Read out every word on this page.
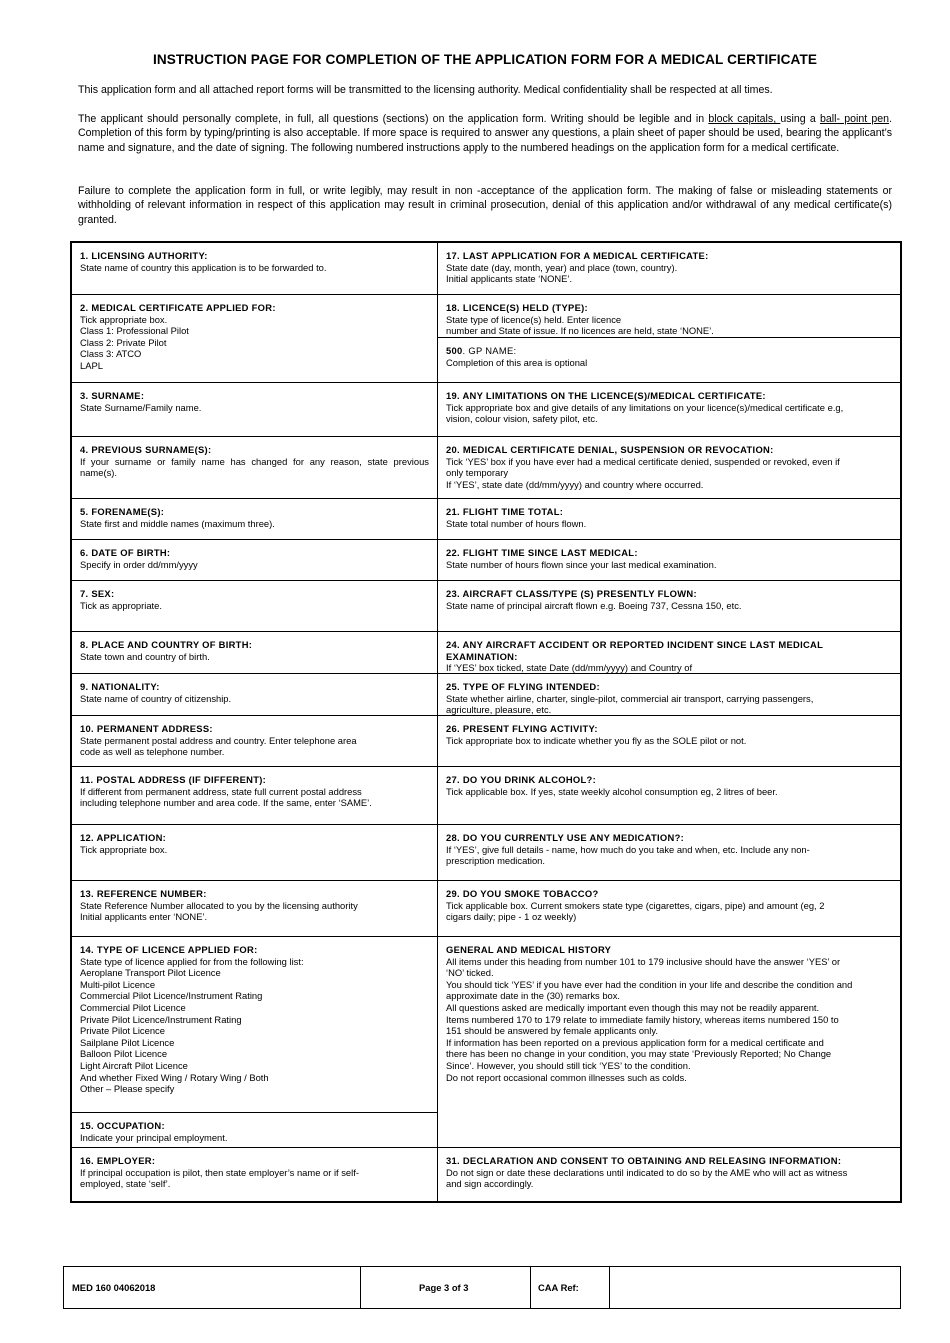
INSTRUCTION PAGE FOR COMPLETION OF THE APPLICATION FORM FOR A MEDICAL CERTIFICATE

This application form and all attached report forms will be transmitted to the licensing authority. Medical confidentiality shall be respected at all times.

The applicant should personally complete, in full, all questions (sections) on the application form. Writing should be legible and in block capitals, using a ball- point pen. Completion of this form by typing/printing is also acceptable. If more space is required to answer any questions, a plain sheet of paper should be used, bearing the applicant’s name and signature, and the date of signing. The following numbered instructions apply to the numbered headings on the application form for a medical certificate.

Failure to complete the application form in full, or write legibly, may result in non -acceptance of the application form. The making of false or misleading statements or withholding of relevant information in respect of this application may result in criminal prosecution, denial of this application and/or withdrawal of any medical certificate(s) granted.

1. LICENSING AUTHORITY:
State name of country this application is to be forwarded to.
2. MEDICAL CERTIFICATE APPLIED FOR:
Tick appropriate box.
Class 1: Professional Pilot
Class 2: Private Pilot
Class 3: ATCO
LAPL
3. SURNAME:
State Surname/Family name.
4. PREVIOUS SURNAME(S):
If your surname or family name has changed for any reason, state previous name(s).
5. FORENAME(S):
State first and middle names (maximum three).
6. DATE OF BIRTH:
Specify in order dd/mm/yyyy
7. SEX:
Tick as appropriate.
8. PLACE AND COUNTRY OF BIRTH:
State town and country of birth.
9. NATIONALITY:
State name of country of citizenship.
10. PERMANENT ADDRESS:
State permanent postal address and country. Enter telephone area
code as well as telephone number.
11. POSTAL ADDRESS (IF DIFFERENT):
If different from permanent address, state full current postal address
including telephone number and area code. If the same, enter ‘SAME’.
12. APPLICATION:
Tick appropriate box.
13. REFERENCE NUMBER:
State Reference Number allocated to you by the licensing authority
Initial applicants enter ‘NONE’.
14. TYPE OF LICENCE APPLIED FOR:
State type of licence applied for from the following list:
Aeroplane Transport Pilot Licence
Multi-pilot Licence
Commercial Pilot Licence/Instrument Rating
Commercial Pilot Licence
Private Pilot Licence/Instrument Rating
Private Pilot Licence
Sailplane Pilot Licence
Balloon Pilot Licence
Light Aircraft Pilot Licence
And whether Fixed Wing / Rotary Wing / Both
Other – Please specify
15. OCCUPATION:
Indicate your principal employment.
16. EMPLOYER:
If principal occupation is pilot, then state employer’s name or if self-
employed, state ‘self’.
17. LAST APPLICATION FOR A MEDICAL CERTIFICATE:
State date (day, month, year) and place (town, country).
Initial applicants state ‘NONE’.
18. LICENCE(S) HELD (TYPE):
State type of licence(s) held. Enter licence
number and State of issue. If no licences are held, state ‘NONE’.
500. GP NAME:
Completion of this area is optional
19. ANY LIMITATIONS ON THE LICENCE(S)/MEDICAL CERTIFICATE:
Tick appropriate box and give details of any limitations on your licence(s)/medical certificate e.g,
vision, colour vision, safety pilot, etc.
20. MEDICAL CERTIFICATE DENIAL, SUSPENSION OR REVOCATION:
Tick ‘YES’ box if you have ever had a medical certificate denied, suspended or revoked, even if
only temporary
If ‘YES’, state date (dd/mm/yyyy) and country where occurred.
21. FLIGHT TIME TOTAL:
State total number of hours flown.
22. FLIGHT TIME SINCE LAST MEDICAL:
State number of hours flown since your last medical examination.
23. AIRCRAFT CLASS/TYPE (S) PRESENTLY FLOWN:
State name of principal aircraft flown e.g. Boeing 737, Cessna 150, etc.
24. ANY AIRCRAFT ACCIDENT OR REPORTED INCIDENT SINCE LAST MEDICAL
EXAMINATION:
If ‘YES’ box ticked, state Date (dd/mm/yyyy) and Country of
25. TYPE OF FLYING INTENDED:
State whether airline, charter, single-pilot, commercial air transport, carrying passengers,
agriculture, pleasure, etc.
26. PRESENT FLYING ACTIVITY:
Tick appropriate box to indicate whether you fly as the SOLE pilot or not.
27. DO YOU DRINK ALCOHOL?:
Tick applicable box. If yes, state weekly alcohol consumption eg, 2 litres of beer.
28. DO YOU CURRENTLY USE ANY MEDICATION?:
If ‘YES’, give full details - name, how much do you take and when, etc. Include any non-
prescription medication.
29. DO YOU SMOKE TOBACCO?
Tick applicable box. Current smokers state type (cigarettes, cigars, pipe) and amount (eg, 2
cigars daily; pipe - 1 oz weekly)
GENERAL AND MEDICAL HISTORY
All items under this heading from number 101 to 179 inclusive should have the answer ‘YES’ or
‘NO’ ticked.
You should tick ‘YES’ if you have ever had the condition in your life and describe the condition and
approximate date in the (30) remarks box.
All questions asked are medically important even though this may not be readily apparent.
Items numbered 170 to 179 relate to immediate family history, whereas items numbered 150 to
151 should be answered by female applicants only.
If information has been reported on a previous application form for a medical certificate and
there has been no change in your condition, you may state ‘Previously Reported; No Change
Since’. However, you should still tick ‘YES’ to the condition.
Do not report occasional common illnesses such as colds.
31. DECLARATION AND CONSENT TO OBTAINING AND RELEASING INFORMATION:
Do not sign or date these declarations until indicated to do so by the AME who will act as witness
and sign accordingly.
MED 160 04062018	Page 3 of 3	CAA Ref:
